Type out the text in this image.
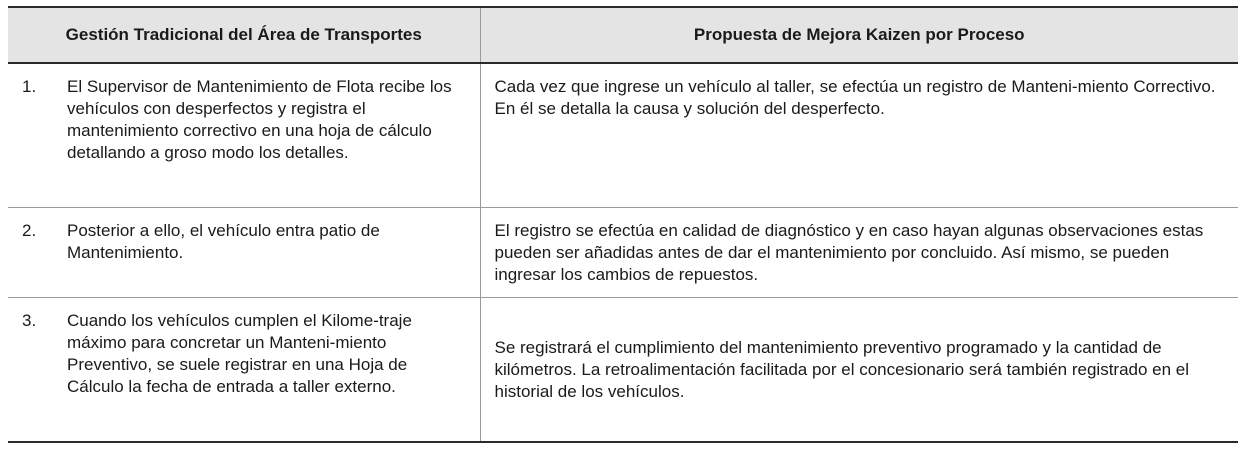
Gestión Tradicional del Área de Transportes	Propuesta de Mejora Kaizen por Proceso

1. El Supervisor de Mantenimiento de Flota recibe los vehículos con desperfectos y registra el mantenimiento correctivo en una hoja de cálculo detallando a groso modo los detalles.	Cada vez que ingrese un vehículo al taller, se efectúa un registro de Manteni-miento Correctivo. En él se detalla la causa y solución del desperfecto.

2. Posterior a ello, el vehículo entra patio de Mantenimiento.	El registro se efectúa en calidad de diagnóstico y en caso hayan algunas observaciones estas pueden ser añadidas antes de dar el mantenimiento por concluido. Así mismo, se pueden ingresar los cambios de repuestos.

3. Cuando los vehículos cumplen el Kilome-traje máximo para concretar un Manteni-miento Preventivo, se suele registrar en una Hoja de Cálculo la fecha de entrada a taller externo.	Se registrará el cumplimiento del mantenimiento preventivo programado y la cantidad de kilómetros. La retroalimentación facilitada por el concesionario será también registrado en el historial de los vehículos.
